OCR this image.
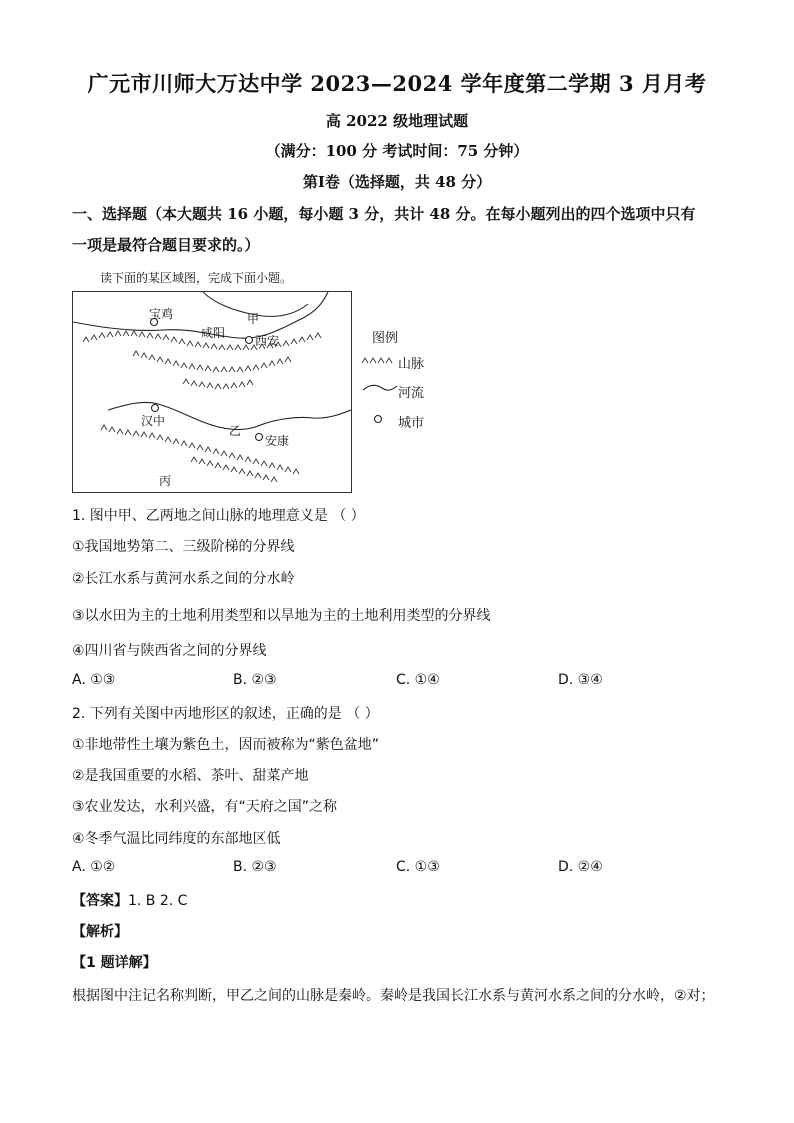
广元市川师大万达中学 2023—2024 学年度第二学期 3 月月考
高 2022 级地理试题
（满分：100 分 考试时间：75 分钟）
第Ⅰ卷（选择题，共 48 分）
一、选择题（本大题共 16 小题，每小题 3 分，共计 48 分。在每小题列出的四个选项中只有
一项是最符合题目要求的。）
读下面的某区域图，完成下面小题。
宝鸡
咸阳
西安
汉中
安康
甲
乙
丙
图例
山脉
河流
城市
1. 图中甲、乙两地之间山脉的地理意义是 （ ）
①我国地势第二、三级阶梯的分界线
②长江水系与黄河水系之间的分水岭
③以水田为主的土地利用类型和以旱地为主的土地利用类型的分界线
④四川省与陕西省之间的分界线
A. ①③	B. ②③	C. ①④	D. ③④
2. 下列有关图中丙地形区的叙述，正确的是 （ ）
①非地带性土壤为紫色土，因而被称为“紫色盆地”
②是我国重要的水稻、茶叶、甜菜产地
③农业发达，水利兴盛，有“天府之国”之称
④冬季气温比同纬度的东部地区低
A. ①②	B. ②③	C. ①③	D. ②④
【答案】1. B 2. C
【解析】
【1 题详解】
根据图中注记名称判断，甲乙之间的山脉是秦岭。秦岭是我国长江水系与黄河水系之间的分水岭，②对；
